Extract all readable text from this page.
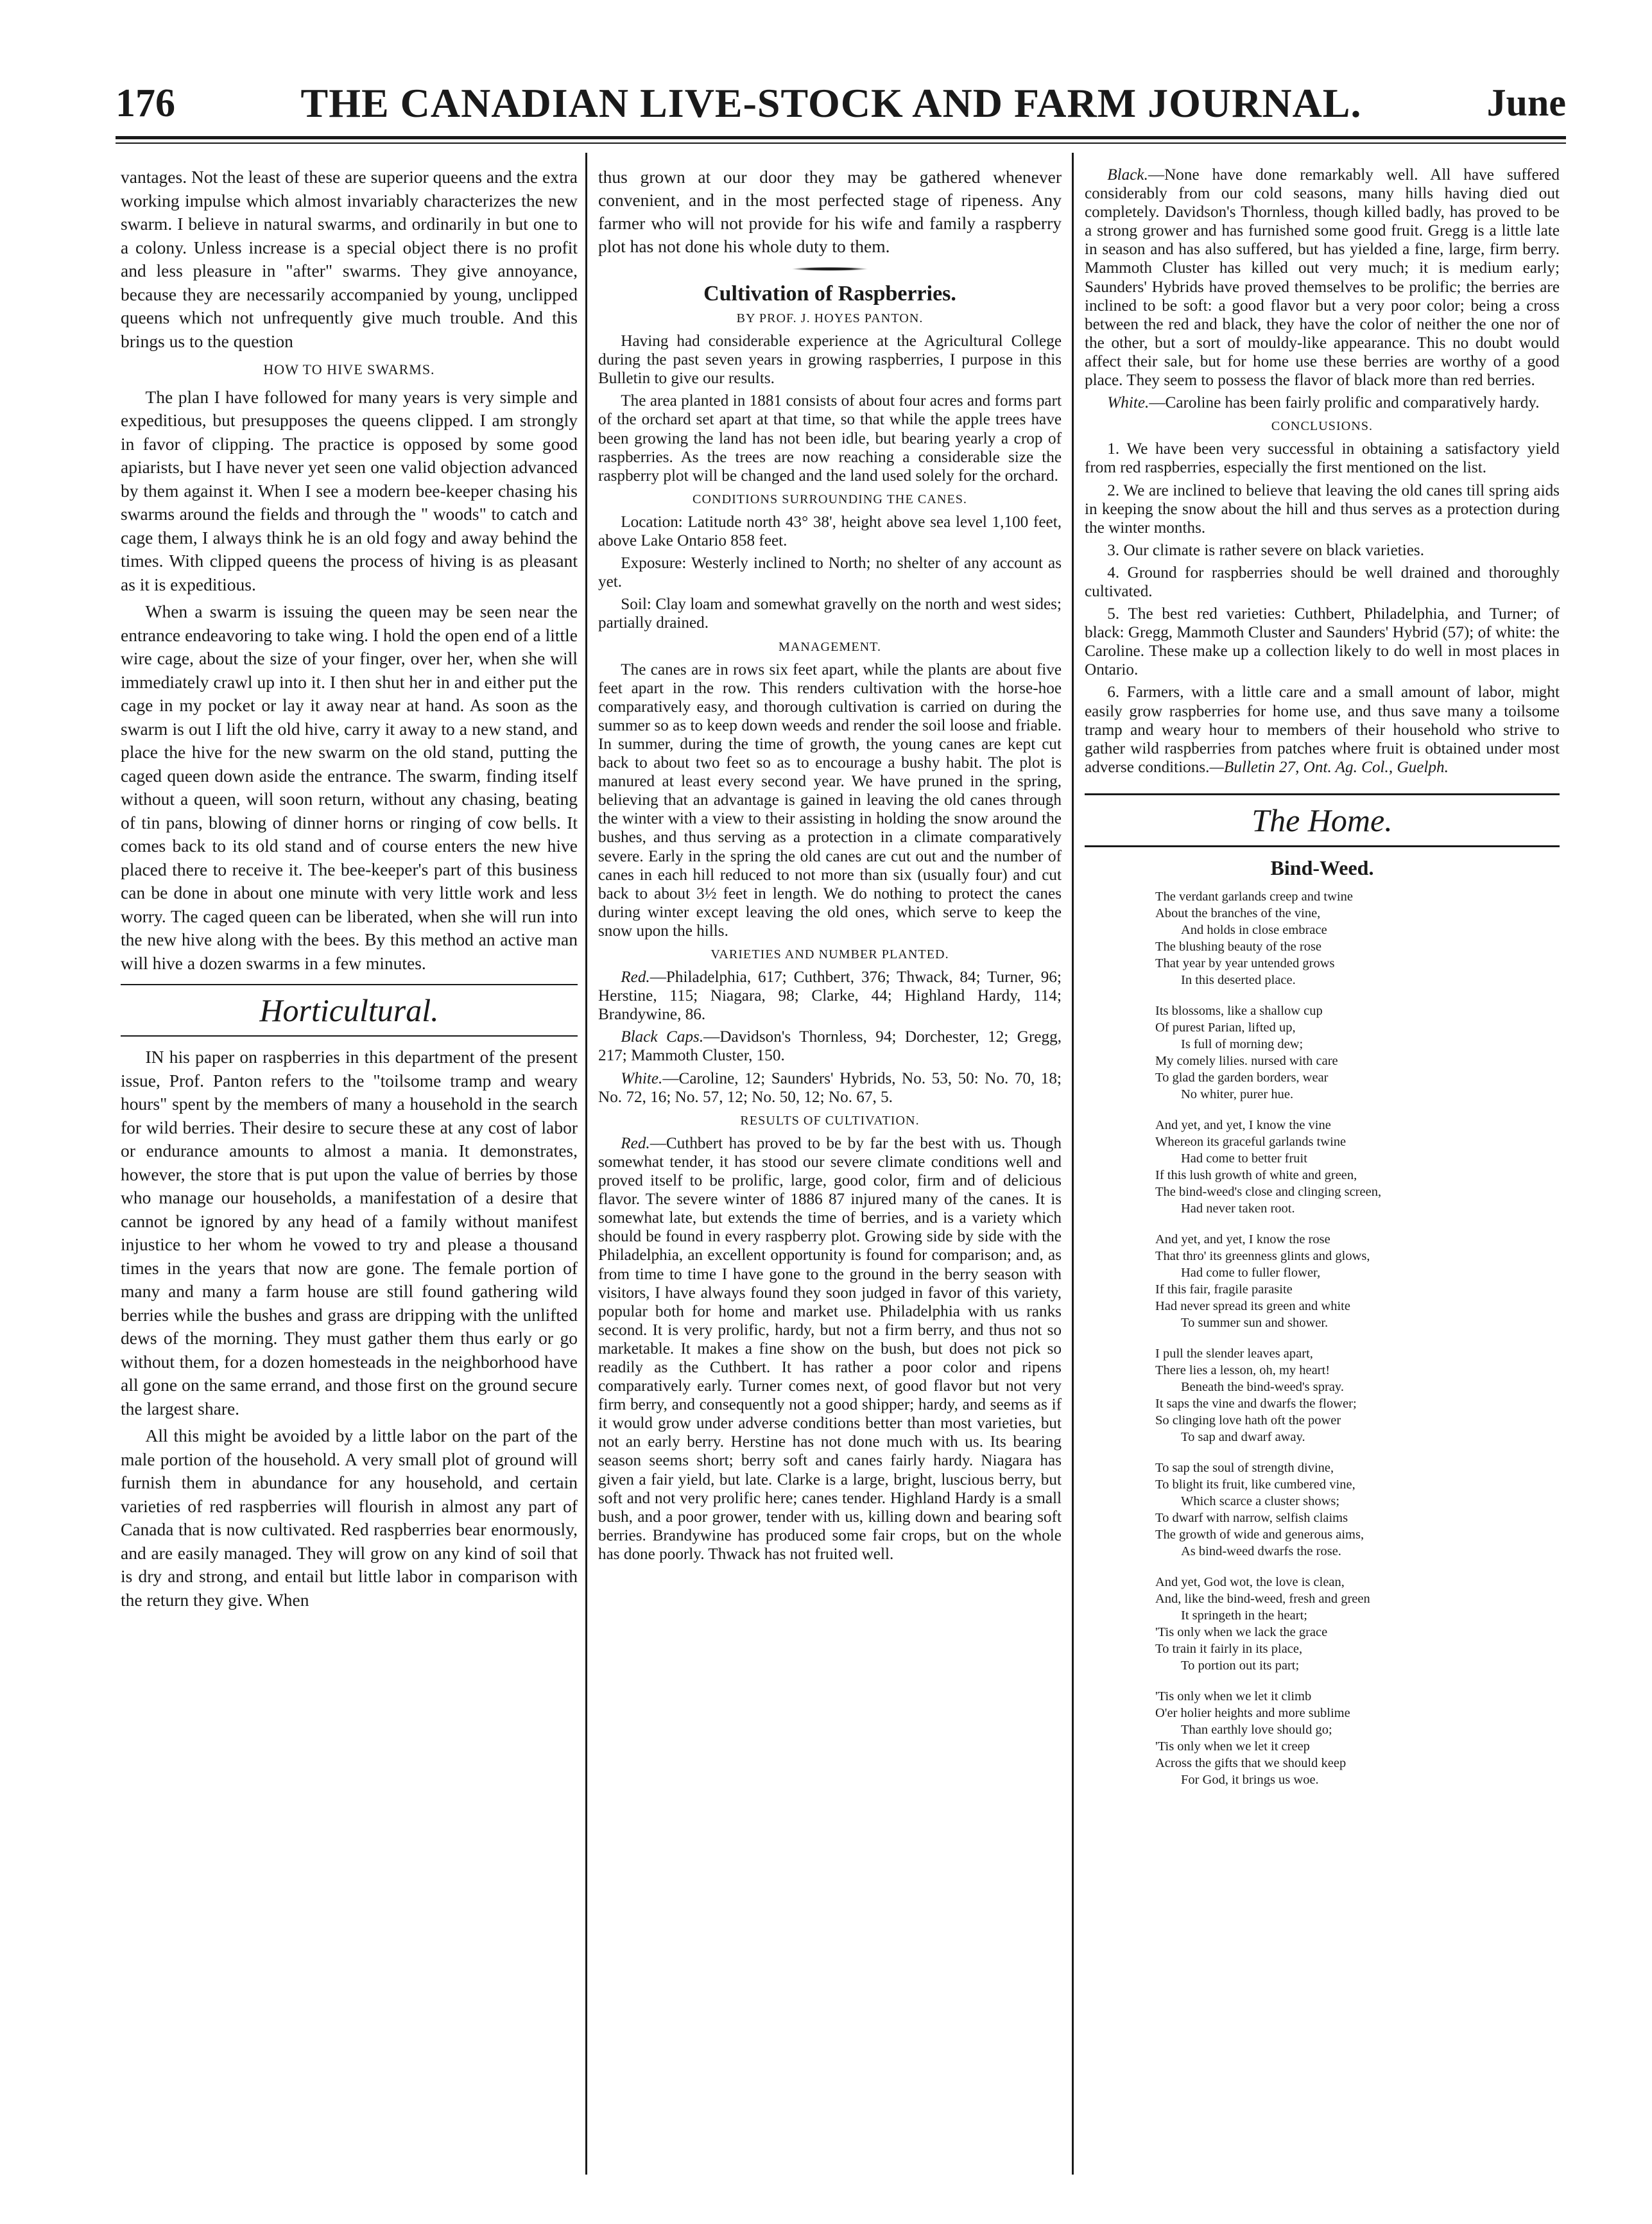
176	THE CANADIAN LIVE-STOCK AND FARM JOURNAL.	June

vantages. Not the least of these are superior queens and the extra working impulse which almost invariably characterizes the new swarm. I believe in natural swarms, and ordinarily in but one to a colony. Unless increase is a special object there is no profit and less pleasure in "after" swarms. They give annoyance, because they are necessarily accompanied by young, unclipped queens which not unfrequently give much trouble. And this brings us to the question

HOW TO HIVE SWARMS.

The plan I have followed for many years is very simple and expeditious, but presupposes the queens clipped. I am strongly in favor of clipping. The practice is opposed by some good apiarists, but I have never yet seen one valid objection advanced by them against it. When I see a modern bee-keeper chasing his swarms around the fields and through the " woods" to catch and cage them, I always think he is an old fogy and away behind the times. With clipped queens the process of hiving is as pleasant as it is expeditious.

When a swarm is issuing the queen may be seen near the entrance endeavoring to take wing. I hold the open end of a little wire cage, about the size of your finger, over her, when she will immediately crawl up into it. I then shut her in and either put the cage in my pocket or lay it away near at hand. As soon as the swarm is out I lift the old hive, carry it away to a new stand, and place the hive for the new swarm on the old stand, putting the caged queen down aside the entrance. The swarm, finding itself without a queen, will soon return, without any chasing, beating of tin pans, blowing of dinner horns or ringing of cow bells. It comes back to its old stand and of course enters the new hive placed there to receive it. The bee-keeper's part of this business can be done in about one minute with very little work and less worry. The caged queen can be liberated, when she will run into the new hive along with the bees. By this method an active man will hive a dozen swarms in a few minutes.

Horticultural.

IN his paper on raspberries in this department of the present issue, Prof. Panton refers to the "toilsome tramp and weary hours" spent by the members of many a household in the search for wild berries. Their desire to secure these at any cost of labor or endurance amounts to almost a mania. It demonstrates, however, the store that is put upon the value of berries by those who manage our households, a manifestation of a desire that cannot be ignored by any head of a family without manifest injustice to her whom he vowed to try and please a thousand times in the years that now are gone. The female portion of many and many a farm house are still found gathering wild berries while the bushes and grass are dripping with the unlifted dews of the morning. They must gather them thus early or go without them, for a dozen homesteads in the neighborhood have all gone on the same errand, and those first on the ground secure the largest share.

All this might be avoided by a little labor on the part of the male portion of the household. A very small plot of ground will furnish them in abundance for any household, and certain varieties of red raspberries will flourish in almost any part of Canada that is now cultivated. Red raspberries bear enormously, and are easily managed. They will grow on any kind of soil that is dry and strong, and entail but little labor in comparison with the return they give. When

thus grown at our door they may be gathered whenever convenient, and in the most perfected stage of ripeness. Any farmer who will not provide for his wife and family a raspberry plot has not done his whole duty to them.

Cultivation of Raspberries.
BY PROF. J. HOYES PANTON.

Having had considerable experience at the Agricultural College during the past seven years in growing raspberries, I purpose in this Bulletin to give our results.

The area planted in 1881 consists of about four acres and forms part of the orchard set apart at that time, so that while the apple trees have been growing the land has not been idle, but bearing yearly a crop of raspberries. As the trees are now reaching a considerable size the raspberry plot will be changed and the land used solely for the orchard.

CONDITIONS SURROUNDING THE CANES.

Location: Latitude north 43° 38', height above sea level 1,100 feet, above Lake Ontario 858 feet.

Exposure: Westerly inclined to North; no shelter of any account as yet.

Soil: Clay loam and somewhat gravelly on the north and west sides; partially drained.

MANAGEMENT.

The canes are in rows six feet apart, while the plants are about five feet apart in the row. This renders cultivation with the horse-hoe comparatively easy, and thorough cultivation is carried on during the summer so as to keep down weeds and render the soil loose and friable. In summer, during the time of growth, the young canes are kept cut back to about two feet so as to encourage a bushy habit. The plot is manured at least every second year. We have pruned in the spring, believing that an advantage is gained in leaving the old canes through the winter with a view to their assisting in holding the snow around the bushes, and thus serving as a protection in a climate comparatively severe. Early in the spring the old canes are cut out and the number of canes in each hill reduced to not more than six (usually four) and cut back to about 3½ feet in length. We do nothing to protect the canes during winter except leaving the old ones, which serve to keep the snow upon the hills.

VARIETIES AND NUMBER PLANTED.

Red.—Philadelphia, 617; Cuthbert, 376; Thwack, 84; Turner, 96; Herstine, 115; Niagara, 98; Clarke, 44; Highland Hardy, 114; Brandywine, 86.

Black Caps.—Davidson's Thornless, 94; Dorchester, 12; Gregg, 217; Mammoth Cluster, 150.

White.—Caroline, 12; Saunders' Hybrids, No. 53, 50: No. 70, 18; No. 72, 16; No. 57, 12; No. 50, 12; No. 67, 5.

RESULTS OF CULTIVATION.

Red.—Cuthbert has proved to be by far the best with us. Though somewhat tender, it has stood our severe climate conditions well and proved itself to be prolific, large, good color, firm and of delicious flavor. The severe winter of 1886 87 injured many of the canes. It is somewhat late, but extends the time of berries, and is a variety which should be found in every raspberry plot. Growing side by side with the Philadelphia, an excellent opportunity is found for comparison; and, as from time to time I have gone to the ground in the berry season with visitors, I have always found they soon judged in favor of this variety, popular both for home and market use. Philadelphia with us ranks second. It is very prolific, hardy, but not a firm berry, and thus not so marketable. It makes a fine show on the bush, but does not pick so readily as the Cuthbert. It has rather a poor color and ripens comparatively early. Turner comes next, of good flavor but not very firm berry, and consequently not a good shipper; hardy, and seems as if it would grow under adverse conditions better than most varieties, but not an early berry. Herstine has not done much with us. Its bearing season seems short; berry soft and canes fairly hardy. Niagara has given a fair yield, but late. Clarke is a large, bright, luscious berry, but soft and not very prolific here; canes tender. Highland Hardy is a small bush, and a poor grower, tender with us, killing down and bearing soft berries. Brandywine has produced some fair crops, but on the whole has done poorly. Thwack has not fruited well.

Black.—None have done remarkably well. All have suffered considerably from our cold seasons, many hills having died out completely. Davidson's Thornless, though killed badly, has proved to be a strong grower and has furnished some good fruit. Gregg is a little late in season and has also suffered, but has yielded a fine, large, firm berry. Mammoth Cluster has killed out very much; it is medium early; Saunders' Hybrids have proved themselves to be prolific; the berries are inclined to be soft: a good flavor but a very poor color; being a cross between the red and black, they have the color of neither the one nor of the other, but a sort of mouldy-like appearance. This no doubt would affect their sale, but for home use these berries are worthy of a good place. They seem to possess the flavor of black more than red berries.

White.—Caroline has been fairly prolific and comparatively hardy.

CONCLUSIONS.

1. We have been very successful in obtaining a satisfactory yield from red raspberries, especially the first mentioned on the list.

2. We are inclined to believe that leaving the old canes till spring aids in keeping the snow about the hill and thus serves as a protection during the winter months.

3. Our climate is rather severe on black varieties.

4. Ground for raspberries should be well drained and thoroughly cultivated.

5. The best red varieties: Cuthbert, Philadelphia, and Turner; of black: Gregg, Mammoth Cluster and Saunders' Hybrid (57); of white: the Caroline. These make up a collection likely to do well in most places in Ontario.

6. Farmers, with a little care and a small amount of labor, might easily grow raspberries for home use, and thus save many a toilsome tramp and weary hour to members of their household who strive to gather wild raspberries from patches where fruit is obtained under most adverse conditions.—Bulletin 27, Ont. Ag. Col., Guelph.

The Home.
Bind-Weed.
The verdant garlands creep and twine
About the branches of the vine,
And holds in close embrace
The blushing beauty of the rose
That year by year untended grows
In this deserted place.
Its blossoms, like a shallow cup
Of purest Parian, lifted up,
Is full of morning dew;
My comely lilies. nursed with care
To glad the garden borders, wear
No whiter, purer hue.
And yet, and yet, I know the vine
Whereon its graceful garlands twine
Had come to better fruit
If this lush growth of white and green,
The bind-weed's close and clinging screen,
Had never taken root.
And yet, and yet, I know the rose
That thro' its greenness glints and glows,
Had come to fuller flower,
If this fair, fragile parasite
Had never spread its green and white
To summer sun and shower.
I pull the slender leaves apart,
There lies a lesson, oh, my heart!
Beneath the bind-weed's spray.
It saps the vine and dwarfs the flower;
So clinging love hath oft the power
To sap and dwarf away.
To sap the soul of strength divine,
To blight its fruit, like cumbered vine,
Which scarce a cluster shows;
To dwarf with narrow, selfish claims
The growth of wide and generous aims,
As bind-weed dwarfs the rose.
And yet, God wot, the love is clean,
And, like the bind-weed, fresh and green
It springeth in the heart;
'Tis only when we lack the grace
To train it fairly in its place,
To portion out its part;
'Tis only when we let it climb
O'er holier heights and more sublime
Than earthly love should go;
'Tis only when we let it creep
Across the gifts that we should keep
For God, it brings us woe.
